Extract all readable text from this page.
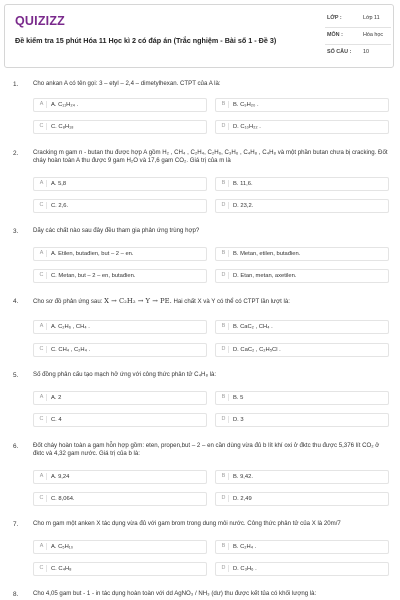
QUIZIZZ
Đề kiểm tra 15 phút Hóa 11 Học kì 2 có đáp án (Trắc nghiệm - Bài số 1 - Đề 3)
LỚP :	Lớp 11
MÔN :	Hóa học
SỐ CÂU : 10
1. Cho ankan A có tên gọi: 3 – etyl – 2,4 – dimetylhexan. CTPT của A là:
A	A. C₁₁H₂₄ .	B	B. C₉H₂₀ .
C	C. C₈H₁₈	D	D. C₁₀H₂₂ .
2. Cracking m gam n - butan thu được hợp A gồm H₂ , CH₄ , C₂H₄, C₂H₆, C₃H₆ , C₄H₈ , C₄H₈ và một phần butan chưa bị cracking. Đốt cháy hoàn toàn A thu được 9 gam H₂O và 17,6 gam CO₂. Giá trị của m là
A	A. 5,8	B	B. 11,6.
C	C. 2,6.	D	D. 23,2.
3. Dãy các chất nào sau đây đều tham gia phản ứng trùng hợp?
A	A. Etilen, butađien, but – 2 – en.	B	B. Metan, etilen, butađien.
C	C. Metan, but – 2 – en, butađien.	D	D. Etan, metan, axetilen.
4. Cho sơ đồ phản ứng sau: X → C₂H₂ → Y → PE. Hai chất X và Y có thể có CTPT lần lượt là:
A	A. C₂H₆ , CH₄ .	B	B. CaC₂ , CH₄ .
C	C. CH₄ , C₂H₄ .	D	D. CaC₂ , C₂H₅Cl .
5. Số đồng phân cấu tạo mạch hở ứng với công thức phân tử C₄H₈ là:
A	A. 2	B	B. 5
C	C. 4	D	D. 3
6. Đốt cháy hoàn toàn a gam hỗn hợp gồm: eten, propen,but – 2 – en cần dùng vừa đủ b lít khí oxi ở đktc thu được 5,376 lít CO₂ ở đktc và 4,32 gam nước. Giá trị của b là:
A	A. 9,24	B	B. 9,42.
C	C. 8,064.	D	D. 2,49
7. Cho m gam một anken X tác dụng vừa đủ với gam brom trong dung môi nước. Công thức phân tử của X là 20m/7
A	A. C₅H₁₀	B	B. C₂H₄ .
C	C. C₄H₈	D	D. C₃H₆ .
8. Cho 4,05 gam but - 1 - in tác dụng hoàn toàn với dd AgNO₃ / NH₃ (dư) thu được kết tủa có khối lượng là:
